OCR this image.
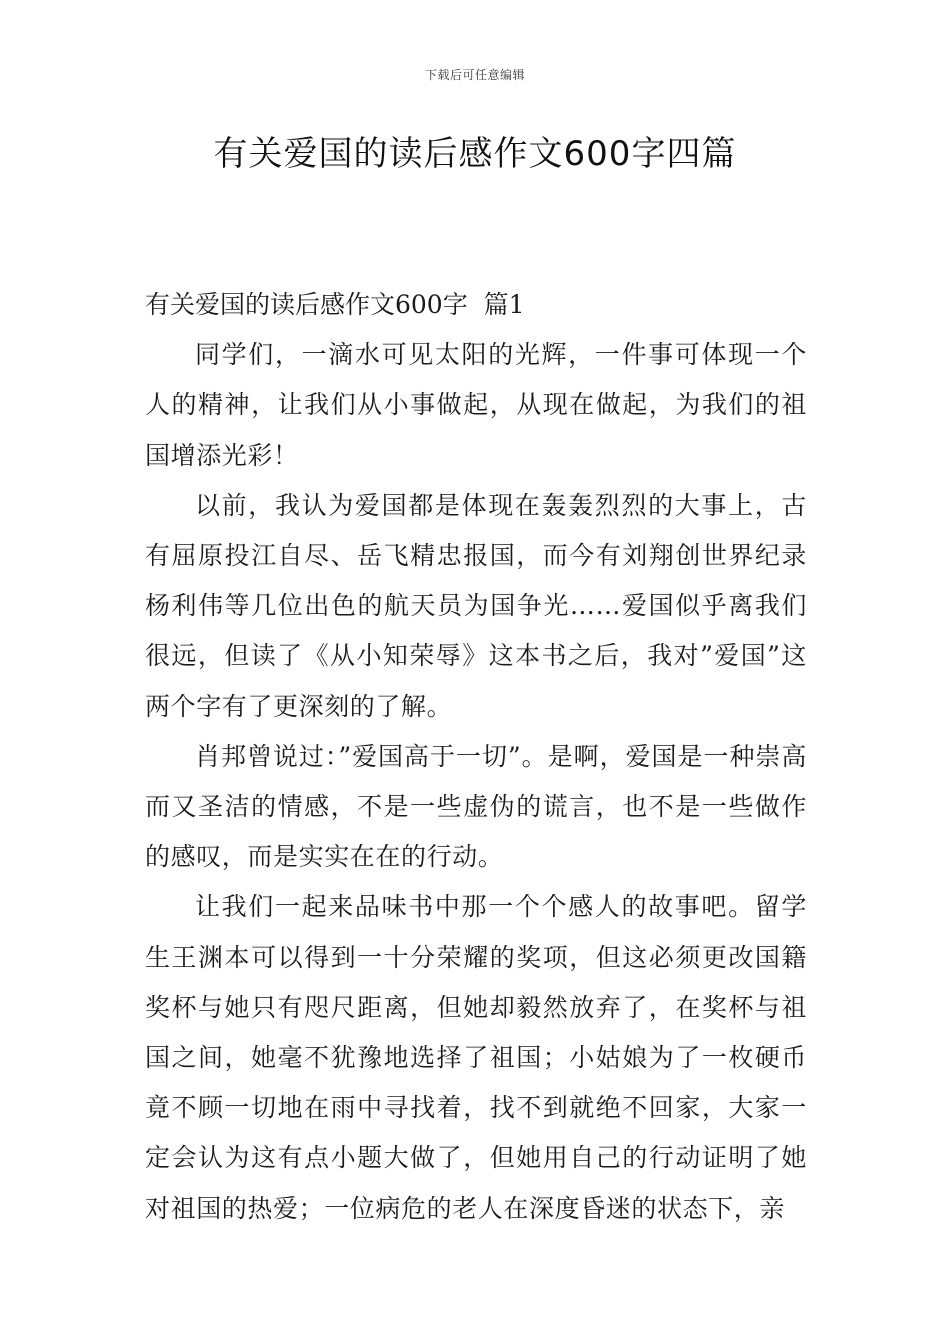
下载后可任意编辑
有关爱国的读后感作文600字四篇

有关爱国的读后感作文600字  篇1

同学们，一滴水可见太阳的光辉，一件事可体现一个人的精神，让我们从小事做起，从现在做起，为我们的祖国增添光彩！

以前，我认为爱国都是体现在轰轰烈烈的大事上，古有屈原投江自尽、岳飞精忠报国，而今有刘翔创世界纪录杨利伟等几位出色的航天员为国争光……爱国似乎离我们很远，但读了《从小知荣辱》这本书之后，我对”爱国”这两个字有了更深刻的了解。

肖邦曾说过：”爱国高于一切”。是啊，爱国是一种崇高而又圣洁的情感，不是一些虚伪的谎言，也不是一些做作的感叹，而是实实在在的行动。

让我们一起来品味书中那一个个感人的故事吧。留学生王渊本可以得到一十分荣耀的奖项，但这必须更改国籍奖杯与她只有咫尺距离，但她却毅然放弃了，在奖杯与祖国之间，她毫不犹豫地选择了祖国；小姑娘为了一枚硬币竟不顾一切地在雨中寻找着，找不到就绝不回家，大家一定会认为这有点小题大做了，但她用自己的行动证明了她对祖国的热爱；一位病危的老人在深度昏迷的状态下，亲
